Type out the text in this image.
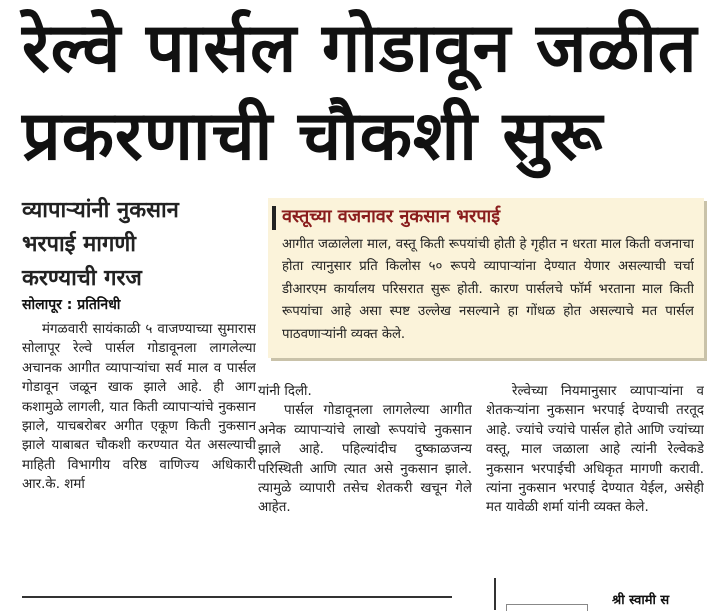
रेल्वे पार्सल गोडावून जळीत
प्रकरणाची चौकशी सुरू
व्यापाऱ्यांनी नुकसान
भरपाई मागणी
करण्याची गरज
सोलापूर : प्रतिनिधी
मंगळवारी सायंकाळी ५ वाजण्याच्या सुमारास सोलापूर रेल्वे पार्सल गोडावूनला लागलेल्या अचानक आगीत व्यापाऱ्यांचा सर्व माल व पार्सल गोडावून जळून खाक झाले आहे. ही आग कशामुळे लागली, यात किती व्यापाऱ्यांचे नुकसान झाले, याचबरोबर अगीत एकूण किती नुकसान झाले याबाबत चौकशी करण्यात येत असल्याची माहिती विभागीय वरिष्ठ वाणिज्य अधिकारी आर.के. शर्मा
यांनी दिली.
पार्सल गोडावूनला लागलेल्या आगीत अनेक व्यापाऱ्यांचे लाखो रूपयांचे नुकसान झाले आहे. पहिल्यांदीच दुष्काळजन्य परिस्थिती आणि त्यात असे नुकसान झाले. त्यामुळे व्यापारी तसेच शेतकरी खचून गेले आहेत.
रेल्वेच्या नियमानुसार व्यापाऱ्यांना व शेतकऱ्यांना नुकसान भरपाई देण्याची तरतूद आहे. ज्यांचे ज्यांचे पार्सल होते आणि ज्यांच्या वस्तू, माल जळाला आहे त्यांनी रेल्वेकडे नुकसान भरपाईची अधिकृत मागणी करावी. त्यांना नुकसान भरपाई देण्यात येईल, असेही मत यावेळी शर्मा यांनी व्यक्त केले.
वस्तूच्या वजनावर नुकसान भरपाई
आगीत जळालेला माल, वस्तू किती रूपयांची होती हे गृहीत न धरता माल किती वजनाचा होता त्यानुसार प्रति किलोस ५० रूपये व्यापाऱ्यांना देण्यात येणार असल्याची चर्चा डीआरएम कार्यालय परिसरात सुरू होती. कारण पार्सलचे फॉर्म भरताना माल किती रूपयांचा आहे असा स्पष्ट उल्लेख नसल्याने हा गोंधळ होत असल्याचे मत पार्सल पाठवणाऱ्यांनी व्यक्त केले.
श्री स्वामी स
